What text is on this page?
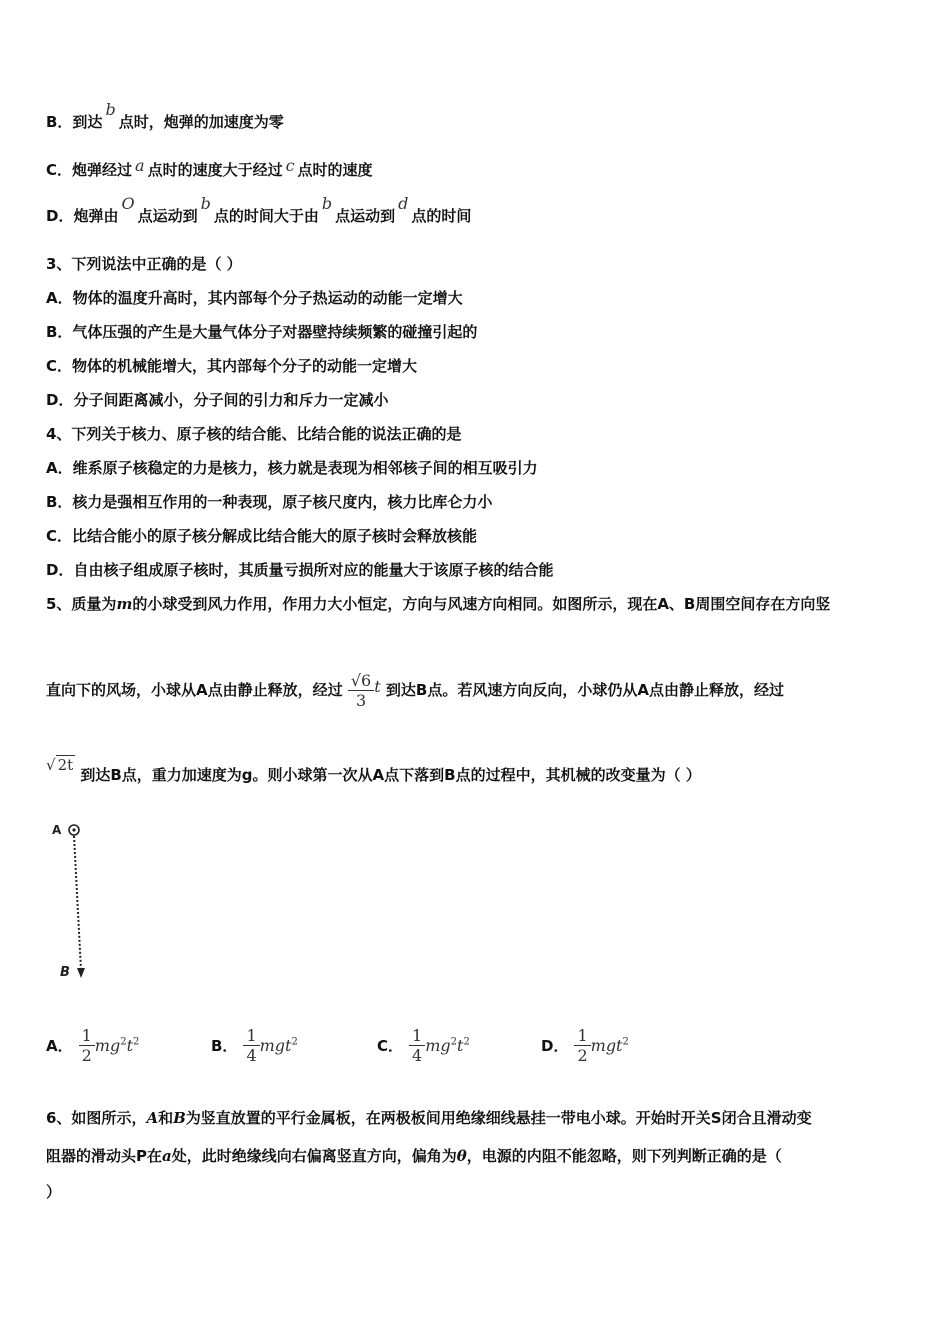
B．到达b点时，炮弹的加速度为零
C．炮弹经过 a 点时的速度大于经过 c 点时的速度
D．炮弹由O点运动到b点的时间大于由b点运动到d点的时间
3、下列说法中正确的是（ ）
A．物体的温度升高时，其内部每个分子热运动的动能一定增大
B．气体压强的产生是大量气体分子对器壁持续频繁的碰撞引起的
C．物体的机械能增大，其内部每个分子的动能一定增大
D．分子间距离减小，分子间的引力和斥力一定减小
4、下列关于核力、原子核的结合能、比结合能的说法正确的是
A．维系原子核稳定的力是核力，核力就是表现为相邻核子间的相互吸引力
B．核力是强相互作用的一种表现，原子核尺度内，核力比库仑力小
C．比结合能小的原子核分解成比结合能大的原子核时会释放核能
D．自由核子组成原子核时，其质量亏损所对应的能量大于该原子核的结合能
5、质量为m的小球受到风力作用，作用力大小恒定，方向与风速方向相同。如图所示，现在A、B周围空间存在方向竖
直向下的风场，小球从A点由静止释放，经过 $\frac{√6}{3}$ t 到达B点。若风速方向反向，小球仍从A点由静止释放，经过
√ 2t 到达B点，重力加速度为g。则小球第一次从A点下落到B点的过程中，其机械的改变量为（ ）
A
B
A． $\frac{1}{2} mg^2t^2$	B． $\frac{1}{4} mgt^2$	C． $\frac{1}{4} mg^2t^2$	D． $\frac{1}{2} mgt^2$
6、如图所示，A和B为竖直放置的平行金属板，在两极板间用绝缘细线悬挂一带电小球。开始时开关S闭合且滑动变
阻器的滑动头P在a处，此时绝缘线向右偏离竖直方向，偏角为θ，电源的内阻不能忽略，则下列判断正确的是（
）
